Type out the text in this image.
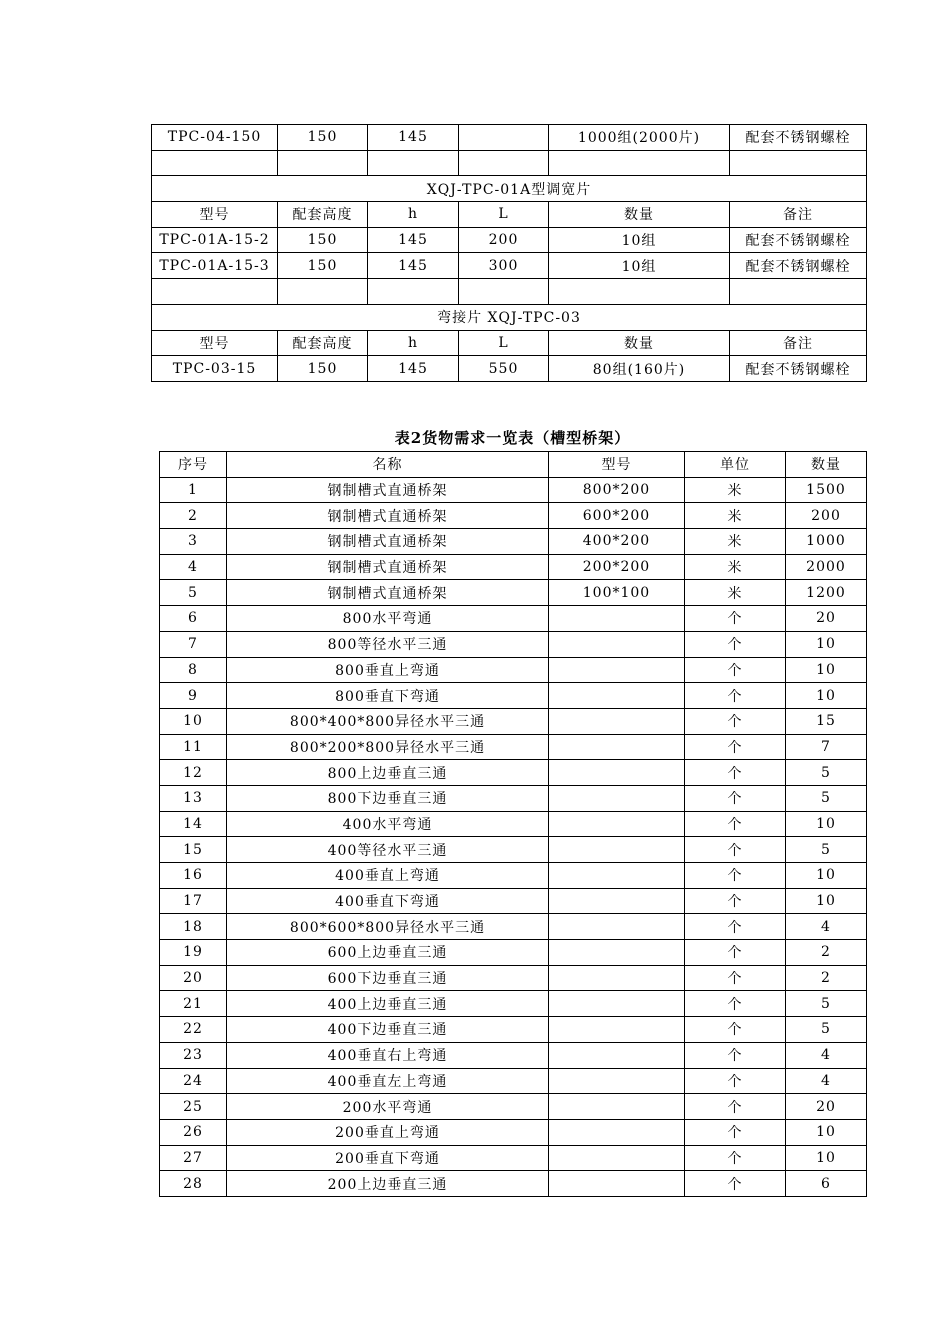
TPC-04-150	150	145		1000组(2000片)	配套不锈钢螺栓

XQJ-TPC-01A型调宽片					
型号	配套高度	h	L	数量	备注
TPC-01A-15-2	150	145	200	10组	配套不锈钢螺栓
TPC-01A-15-3	150	145	300	10组	配套不锈钢螺栓

弯接片 XQJ-TPC-03					
型号	配套高度	h	L	数量	备注
TPC-03-15	150	145	550	80组(160片)	配套不锈钢螺栓
表2货物需求一览表（槽型桥架）
序号	名称	型号	单位	数量
1	钢制槽式直通桥架	800*200	米	1500
2	钢制槽式直通桥架	600*200	米	200
3	钢制槽式直通桥架	400*200	米	1000
4	钢制槽式直通桥架	200*200	米	2000
5	钢制槽式直通桥架	100*100	米	1200
6	800水平弯通		个	20
7	800等径水平三通		个	10
8	800垂直上弯通		个	10
9	800垂直下弯通		个	10
10	800*400*800异径水平三通		个	15
11	800*200*800异径水平三通		个	7
12	800上边垂直三通		个	5
13	800下边垂直三通		个	5
14	400水平弯通		个	10
15	400等径水平三通		个	5
16	400垂直上弯通		个	10
17	400垂直下弯通		个	10
18	800*600*800异径水平三通		个	4
19	600上边垂直三通		个	2
20	600下边垂直三通		个	2
21	400上边垂直三通		个	5
22	400下边垂直三通		个	5
23	400垂直右上弯通		个	4
24	400垂直左上弯通		个	4
25	200水平弯通		个	20
26	200垂直上弯通		个	10
27	200垂直下弯通		个	10
28	200上边垂直三通		个	6
